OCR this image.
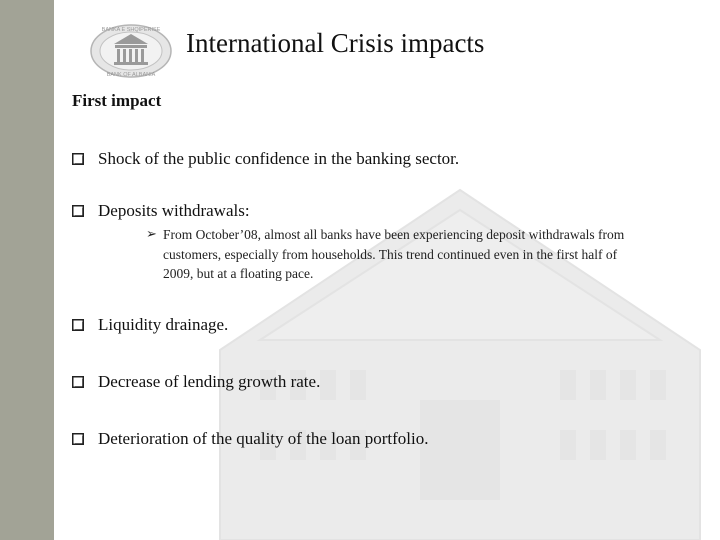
BANKA E SHQIPERISE
BANK OF ALBANIA
International Crisis impacts
First impact
Shock of the public confidence in the banking sector.
Deposits withdrawals:
➢ From October’08, almost all banks have been experiencing deposit withdrawals from customers, especially from households. This trend continued even in the first half of 2009, but at a floating pace.
Liquidity drainage.
Decrease of lending growth rate.
Deterioration of the quality of the loan portfolio.
